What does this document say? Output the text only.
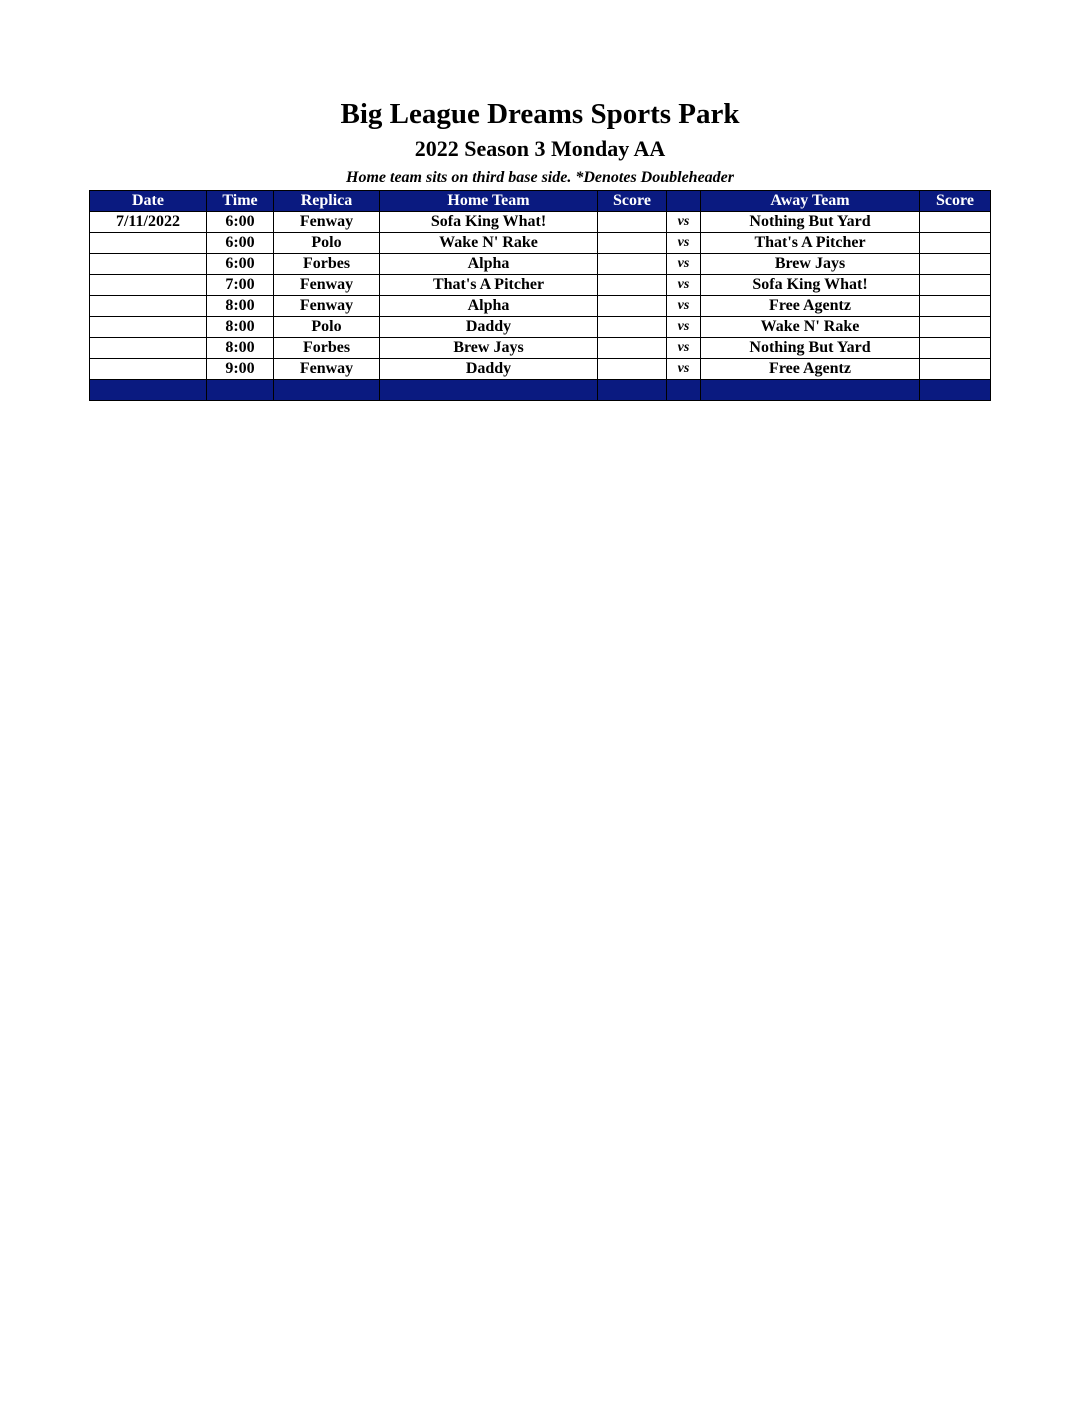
Big League Dreams Sports Park
2022 Season 3 Monday AA
Home team sits on third base side. *Denotes Doubleheader
Date	Time	Replica	Home Team	Score		Away Team	Score
7/11/2022	6:00	Fenway	Sofa King What!		vs	Nothing But Yard	
	6:00	Polo	Wake N' Rake		vs	That's A Pitcher	
	6:00	Forbes	Alpha		vs	Brew Jays	
	7:00	Fenway	That's A Pitcher		vs	Sofa King What!	
	8:00	Fenway	Alpha		vs	Free Agentz	
	8:00	Polo	Daddy		vs	Wake N' Rake	
	8:00	Forbes	Brew Jays		vs	Nothing But Yard	
	9:00	Fenway	Daddy		vs	Free Agentz	
